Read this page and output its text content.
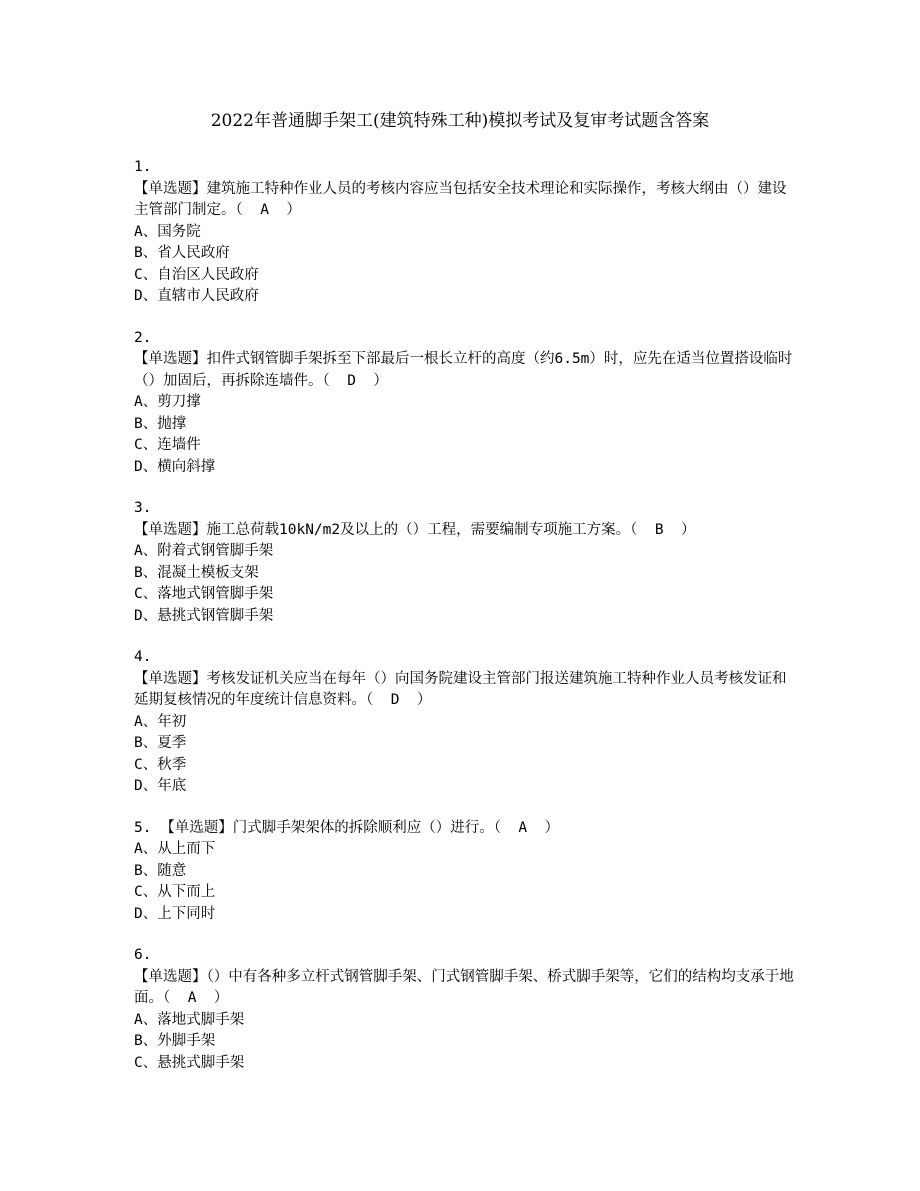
2022年普通脚手架工(建筑特殊工种)模拟考试及复审考试题含答案
1.
【单选题】建筑施工特种作业人员的考核内容应当包括安全技术理论和实际操作，考核大纲由（）建设主管部门制定。（  A  ）
A、国务院
B、省人民政府
C、自治区人民政府
D、直辖市人民政府
2.
【单选题】扣件式钢管脚手架拆至下部最后一根长立杆的高度（约6.5m）时，应先在适当位置搭设临时（）加固后，再拆除连墙件。（  D  ）
A、剪刀撑
B、抛撑
C、连墙件
D、横向斜撑
3.
【单选题】施工总荷载10kN/m2及以上的（）工程，需要编制专项施工方案。（  B  ）
A、附着式钢管脚手架
B、混凝土模板支架
C、落地式钢管脚手架
D、悬挑式钢管脚手架
4.
【单选题】考核发证机关应当在每年（）向国务院建设主管部门报送建筑施工特种作业人员考核发证和延期复核情况的年度统计信息资料。（  D  ）
A、年初
B、夏季
C、秋季
D、年底
5. 【单选题】门式脚手架架体的拆除顺利应（）进行。（  A  ）
A、从上而下
B、随意
C、从下而上
D、上下同时
6.
【单选题】（）中有各种多立杆式钢管脚手架、门式钢管脚手架、桥式脚手架等，它们的结构均支承于地面。（  A  ）
A、落地式脚手架
B、外脚手架
C、悬挑式脚手架
